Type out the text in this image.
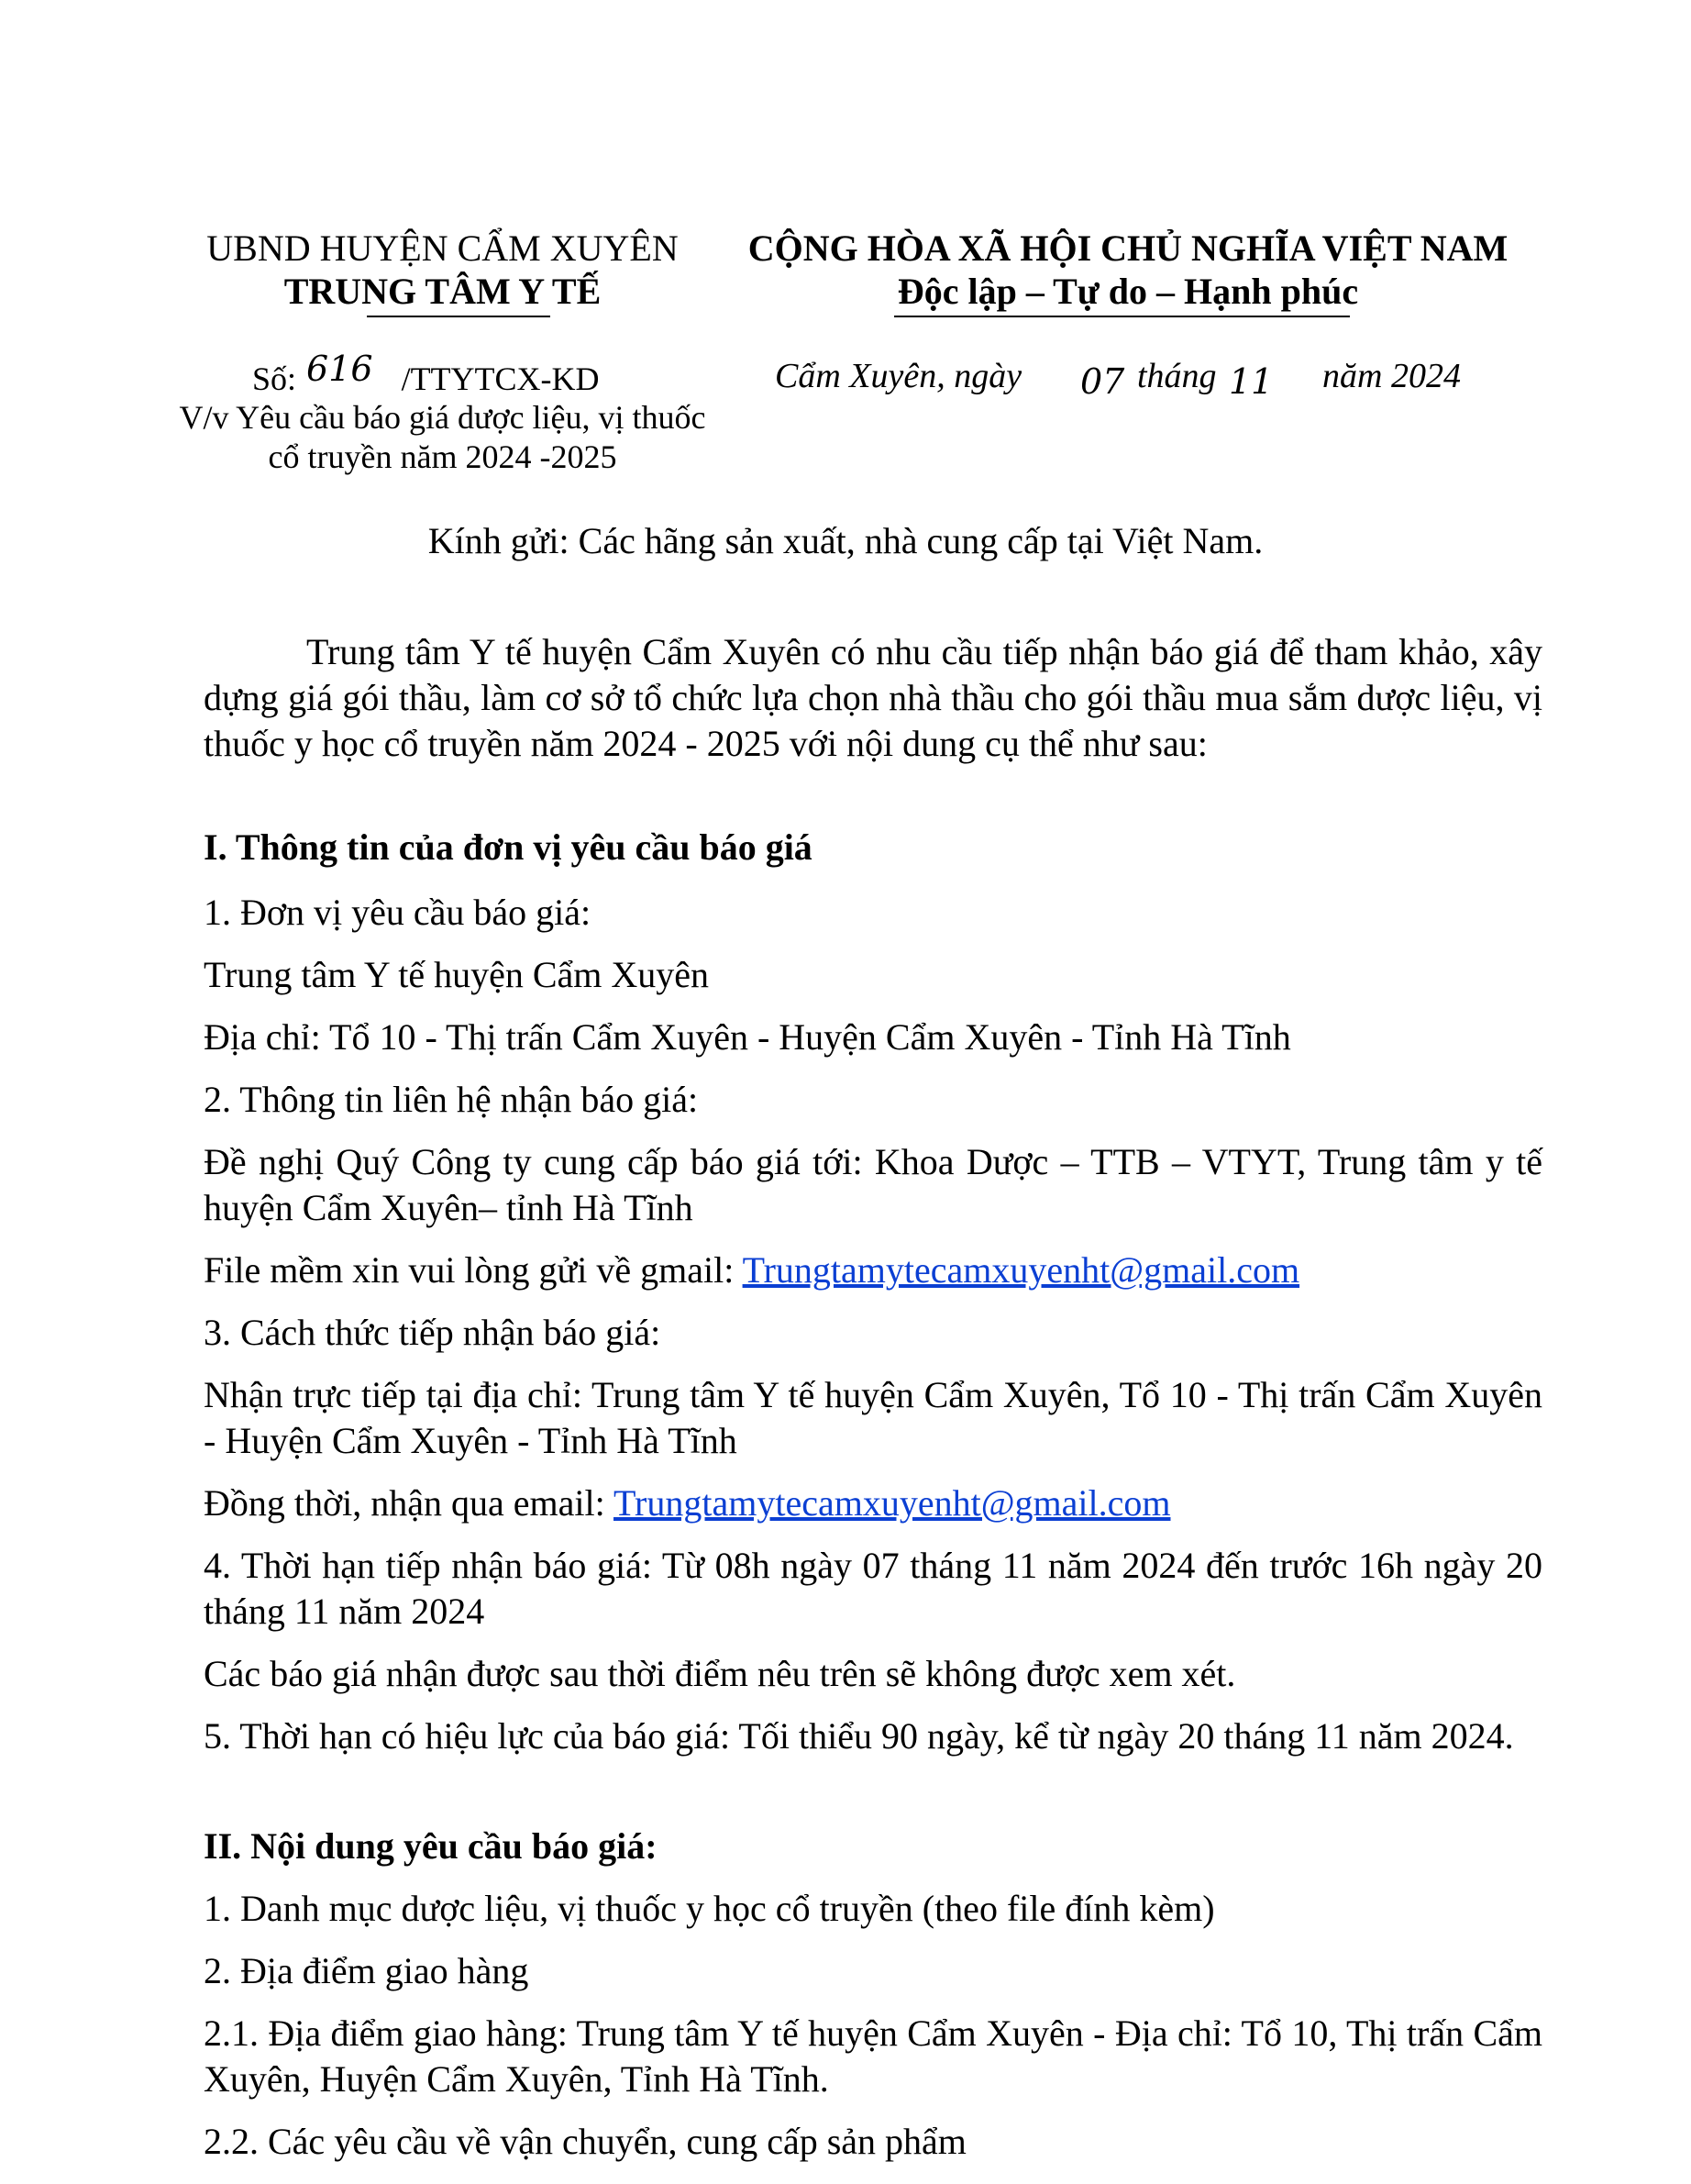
UBND HUYỆN CẨM XUYÊN
TRUNG TÂM Y TẾ
CỘNG HÒA XÃ HỘI CHỦ NGHĨA VIỆT NAM
Độc lập – Tự do – Hạnh phúc
Số: 616 /TTYTCX-KD
V/v Yêu cầu báo giá dược liệu, vị thuốc
cổ truyền năm 2024 -2025
Cẩm Xuyên, ngày 07 tháng 11 năm 2024
Kính gửi: Các hãng sản xuất, nhà cung cấp tại Việt Nam.
Trung tâm Y tế huyện Cẩm Xuyên có nhu cầu tiếp nhận báo giá để tham khảo, xây dựng giá gói thầu, làm cơ sở tổ chức lựa chọn nhà thầu cho gói thầu mua sắm dược liệu, vị thuốc y học cổ truyền năm 2024 - 2025 với nội dung cụ thể như sau:
I. Thông tin của đơn vị yêu cầu báo giá
1. Đơn vị yêu cầu báo giá:
Trung tâm Y tế huyện Cẩm Xuyên
Địa chỉ: Tổ 10 - Thị trấn Cẩm Xuyên - Huyện Cẩm Xuyên - Tỉnh Hà Tĩnh
2. Thông tin liên hệ nhận báo giá:
Đề nghị Quý Công ty cung cấp báo giá tới: Khoa Dược – TTB – VTYT, Trung tâm y tế huyện Cẩm Xuyên– tỉnh Hà Tĩnh
File mềm xin vui lòng gửi về gmail: Trungtamytecamxuyenht@gmail.com
3. Cách thức tiếp nhận báo giá:
Nhận trực tiếp tại địa chỉ: Trung tâm Y tế huyện Cẩm Xuyên, Tổ 10 - Thị trấn Cẩm Xuyên - Huyện Cẩm Xuyên - Tỉnh Hà Tĩnh
Đồng thời, nhận qua email: Trungtamytecamxuyenht@gmail.com
4. Thời hạn tiếp nhận báo giá: Từ 08h ngày 07 tháng 11 năm 2024 đến trước 16h ngày 20 tháng 11 năm 2024
Các báo giá nhận được sau thời điểm nêu trên sẽ không được xem xét.
5. Thời hạn có hiệu lực của báo giá: Tối thiểu 90 ngày, kể từ ngày 20 tháng 11 năm 2024.
II. Nội dung yêu cầu báo giá:
1. Danh mục dược liệu, vị thuốc y học cổ truyền (theo file đính kèm)
2. Địa điểm giao hàng
2.1. Địa điểm giao hàng: Trung tâm Y tế huyện Cẩm Xuyên - Địa chỉ: Tổ 10, Thị trấn Cẩm Xuyên, Huyện Cẩm Xuyên, Tỉnh Hà Tĩnh.
2.2. Các yêu cầu về vận chuyển, cung cấp sản phẩm
